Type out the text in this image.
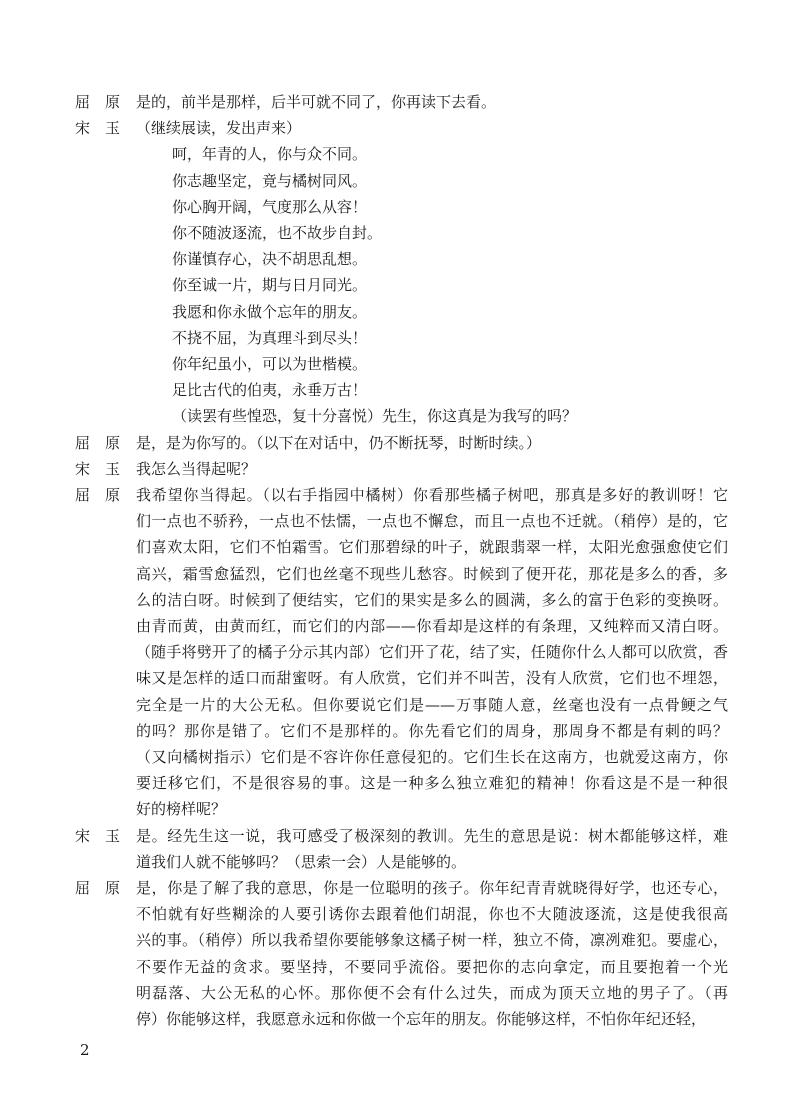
屈　原	是的，前半是那样，后半可就不同了，你再读下去看。
宋　玉	（继续展读，发出声来）
呵，年青的人，你与众不同。
你志趣坚定，竟与橘树同风。
你心胸开阔，气度那么从容！
你不随波逐流，也不故步自封。
你谨慎存心，决不胡思乱想。
你至诚一片，期与日月同光。
我愿和你永做个忘年的朋友。
不挠不屈，为真理斗到尽头！
你年纪虽小，可以为世楷模。
足比古代的伯夷，永垂万古！
（读罢有些惶恐，复十分喜悦）先生，你这真是为我写的吗？
屈　原	是，是为你写的。（以下在对话中，仍不断抚琴，时断时续。）
宋　玉	我怎么当得起呢？
屈　原	我希望你当得起。（以右手指园中橘树）你看那些橘子树吧，那真是多好的教训呀！它
们一点也不骄矜，一点也不怯懦，一点也不懈怠，而且一点也不迁就。（稍停）是的，它
们喜欢太阳，它们不怕霜雪。它们那碧绿的叶子，就跟翡翠一样，太阳光愈强愈使它们
高兴，霜雪愈猛烈，它们也丝毫不现些儿愁容。时候到了便开花，那花是多么的香，多
么的洁白呀。时候到了便结实，它们的果实是多么的圆满，多么的富于色彩的变换呀。
由青而黄，由黄而红，而它们的内部——你看却是这样的有条理，又纯粹而又清白呀。
（随手将劈开了的橘子分示其内部）它们开了花，结了实，任随你什么人都可以欣赏，香
味又是怎样的适口而甜蜜呀。有人欣赏，它们并不叫苦，没有人欣赏，它们也不埋怨，
完全是一片的大公无私。但你要说它们是——万事随人意，丝毫也没有一点骨鲠之气
的吗？那你是错了。它们不是那样的。你先看它们的周身，那周身不都是有刺的吗？
（又向橘树指示）它们是不容许你任意侵犯的。它们生长在这南方，也就爱这南方，你
要迁移它们，不是很容易的事。这是一种多么独立难犯的精神！你看这是不是一种很
好的榜样呢？
宋　玉	是。经先生这一说，我可感受了极深刻的教训。先生的意思是说：树木都能够这样，难
道我们人就不能够吗？（思索一会）人是能够的。
屈　原	是，你是了解了我的意思，你是一位聪明的孩子。你年纪青青就晓得好学，也还专心，
不怕就有好些糊涂的人要引诱你去跟着他们胡混，你也不大随波逐流，这是使我很高
兴的事。（稍停）所以我希望你要能够象这橘子树一样，独立不倚，凛冽难犯。要虚心，
不要作无益的贪求。要坚持，不要同乎流俗。要把你的志向拿定，而且要抱着一个光
明磊落、大公无私的心怀。那你便不会有什么过失，而成为顶天立地的男子了。（再
停）你能够这样，我愿意永远和你做一个忘年的朋友。你能够这样，不怕你年纪还轻，
2
